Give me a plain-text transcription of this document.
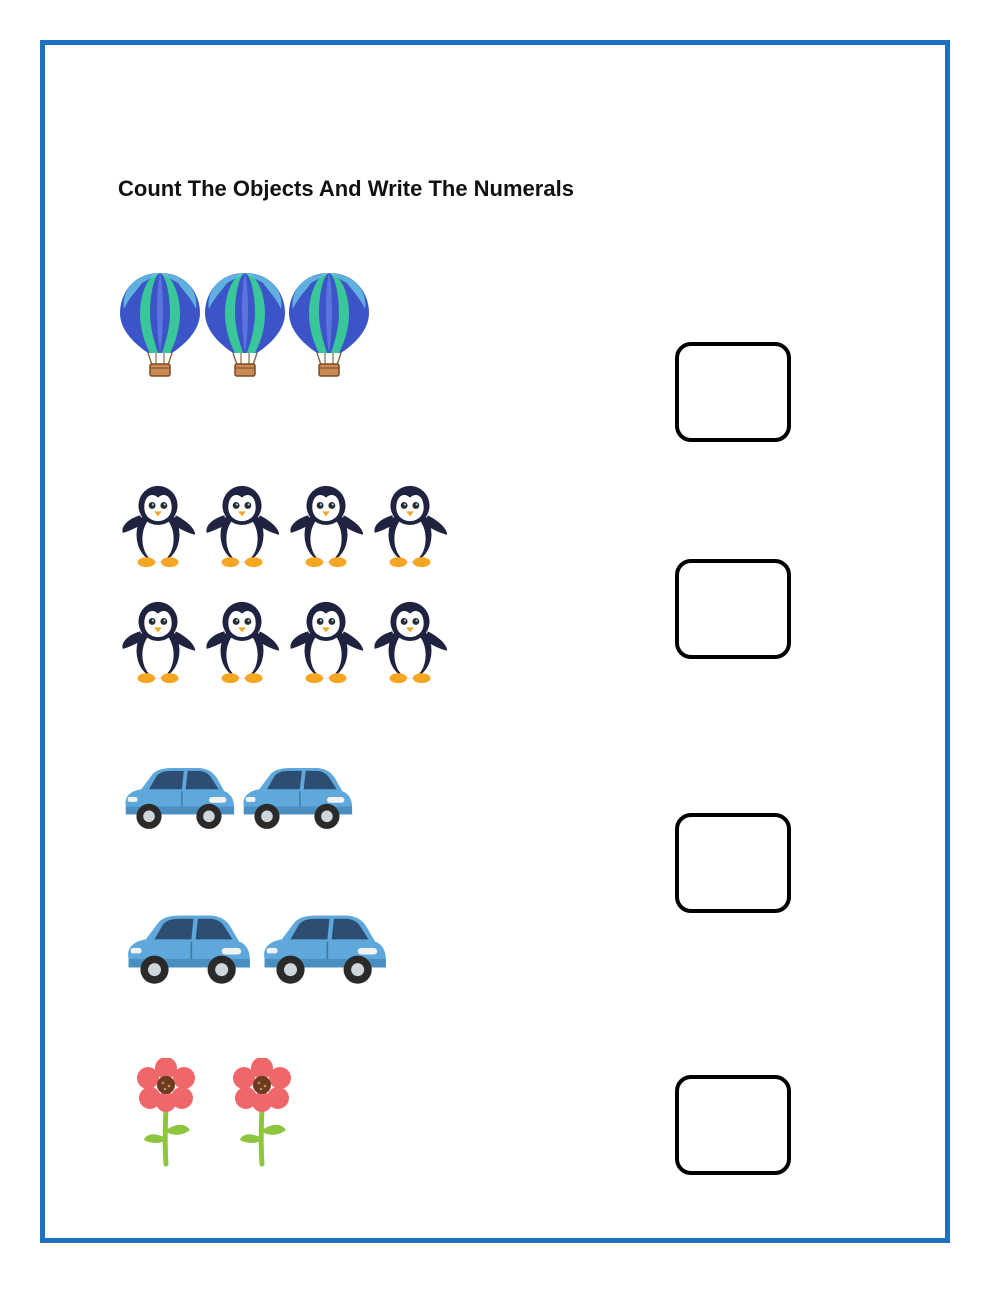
Count The Objects And Write The Numerals
